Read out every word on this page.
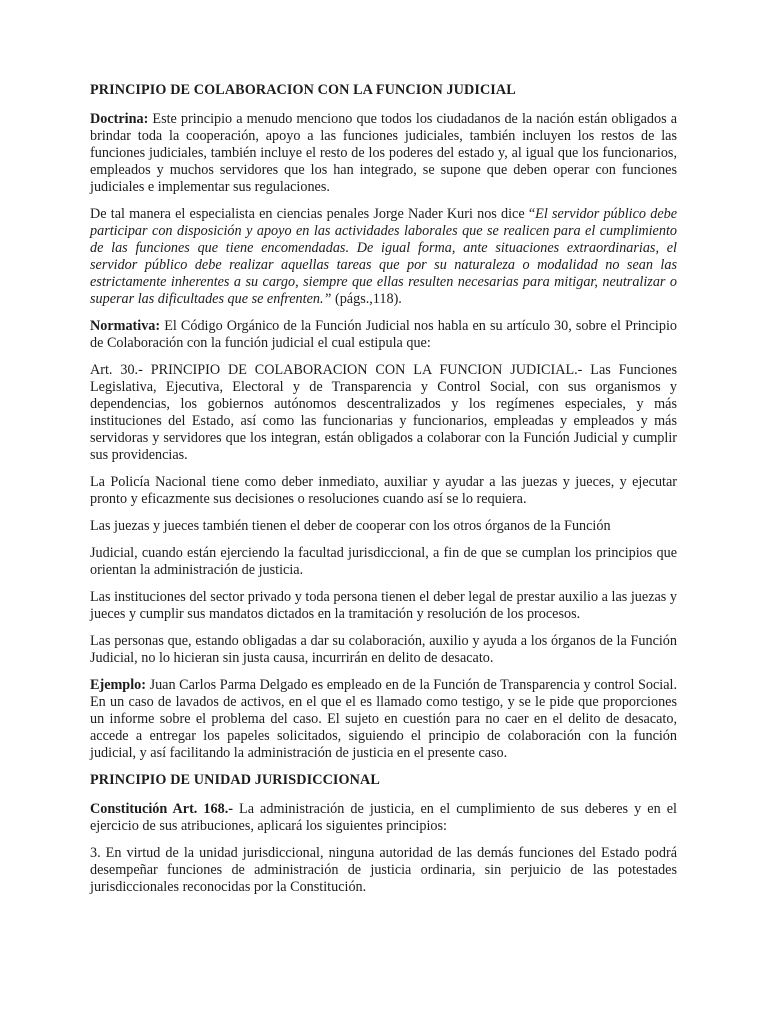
PRINCIPIO DE COLABORACION CON LA FUNCION JUDICIAL

Doctrina: Este principio a menudo menciono que todos los ciudadanos de la nación están obligados a brindar toda la cooperación, apoyo a las funciones judiciales, también incluyen los restos de las funciones judiciales, también incluye el resto de los poderes del estado y, al igual que los funcionarios, empleados y muchos servidores que los han integrado, se supone que deben operar con funciones judiciales e implementar sus regulaciones.

De tal manera el especialista en ciencias penales Jorge Nader Kuri nos dice “El servidor público debe participar con disposición y apoyo en las actividades laborales que se realicen para el cumplimiento de las funciones que tiene encomendadas. De igual forma, ante situaciones extraordinarias, el servidor público debe realizar aquellas tareas que por su naturaleza o modalidad no sean las estrictamente inherentes a su cargo, siempre que ellas resulten necesarias para mitigar, neutralizar o superar las dificultades que se enfrenten.” (págs.,118).

Normativa: El Código Orgánico de la Función Judicial nos habla en su artículo 30, sobre el Principio de Colaboración con la función judicial el cual estipula que:

Art. 30.- PRINCIPIO DE COLABORACION CON LA FUNCION JUDICIAL.- Las Funciones Legislativa, Ejecutiva, Electoral y de Transparencia y Control Social, con sus organismos y dependencias, los gobiernos autónomos descentralizados y los regímenes especiales, y más instituciones del Estado, así como las funcionarias y funcionarios, empleadas y empleados y más servidoras y servidores que los integran, están obligados a colaborar con la Función Judicial y cumplir sus providencias.

La Policía Nacional tiene como deber inmediato, auxiliar y ayudar a las juezas y jueces, y ejecutar pronto y eficazmente sus decisiones o resoluciones cuando así se lo requiera.

Las juezas y jueces también tienen el deber de cooperar con los otros órganos de la Función

Judicial, cuando están ejerciendo la facultad jurisdiccional, a fin de que se cumplan los principios que orientan la administración de justicia.

Las instituciones del sector privado y toda persona tienen el deber legal de prestar auxilio a las juezas y jueces y cumplir sus mandatos dictados en la tramitación y resolución de los procesos.

Las personas que, estando obligadas a dar su colaboración, auxilio y ayuda a los órganos de la Función Judicial, no lo hicieran sin justa causa, incurrirán en delito de desacato.

Ejemplo: Juan Carlos Parma Delgado es empleado en de la Función de Transparencia y control Social. En un caso de lavados de activos, en el que el es llamado como testigo, y se le pide que proporciones un informe sobre el problema del caso. El sujeto en cuestión para no caer en el delito de desacato, accede a entregar los papeles solicitados, siguiendo el principio de colaboración con la función judicial, y así facilitando la administración de justicia en el presente caso.

PRINCIPIO DE UNIDAD JURISDICCIONAL

Constitución Art. 168.- La administración de justicia, en el cumplimiento de sus deberes y en el ejercicio de sus atribuciones, aplicará los siguientes principios:

3. En virtud de la unidad jurisdiccional, ninguna autoridad de las demás funciones del Estado podrá desempeñar funciones de administración de justicia ordinaria, sin perjuicio de las potestades jurisdiccionales reconocidas por la Constitución.
